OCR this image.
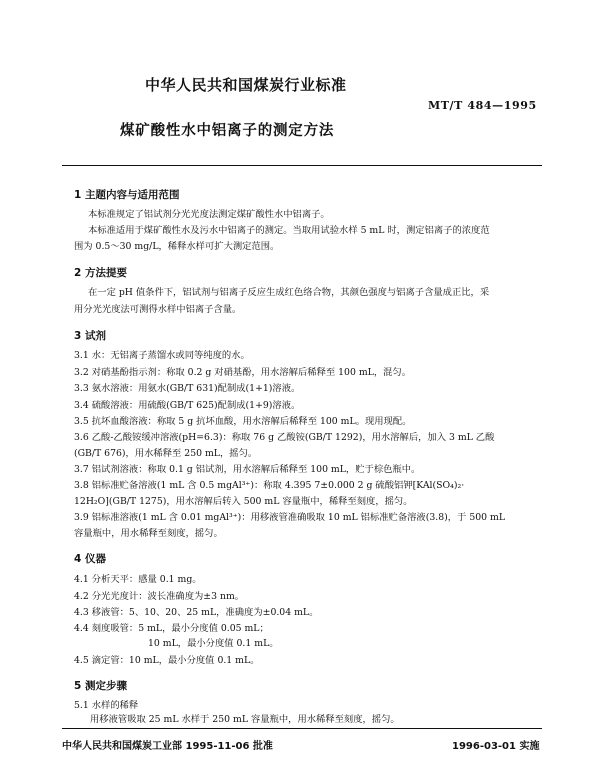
中华人民共和国煤炭行业标准
MT/T 484—1995
煤矿酸性水中铝离子的测定方法
1 主题内容与适用范围
本标准规定了铝试剂分光光度法测定煤矿酸性水中铝离子。
本标准适用于煤矿酸性水及污水中铝离子的测定。当取用试验水样 5 mL 时，测定铝离子的浓度范
围为 0.5～30 mg/L，稀释水样可扩大测定范围。
2 方法提要
在一定 pH 值条件下，铝试剂与铝离子反应生成红色络合物，其颜色强度与铝离子含量成正比，采
用分光光度法可测得水样中铝离子含量。
3 试剂
3.1 水：无铝离子蒸馏水或同等纯度的水。
3.2 对硝基酚指示剂：称取 0.2 g 对硝基酚，用水溶解后稀释至 100 mL，混匀。
3.3 氨水溶液：用氨水(GB/T 631)配制成(1+1)溶液。
3.4 硫酸溶液：用硫酸(GB/T 625)配制成(1+9)溶液。
3.5 抗坏血酸溶液：称取 5 g 抗坏血酸，用水溶解后稀释至 100 mL。现用现配。
3.6 乙酸-乙酸铵缓冲溶液(pH=6.3)：称取 76 g 乙酸铵(GB/T 1292)，用水溶解后，加入 3 mL 乙酸
(GB/T 676)，用水稀释至 250 mL，摇匀。
3.7 铝试剂溶液：称取 0.1 g 铝试剂，用水溶解后稀释至 100 mL，贮于棕色瓶中。
3.8 铝标准贮备溶液(1 mL 含 0.5 mgAl³⁺)：称取 4.395 7±0.000 2 g 硫酸铝钾[KAl(SO₄)₂·
12H₂O](GB/T 1275)，用水溶解后转入 500 mL 容量瓶中，稀释至刻度，摇匀。
3.9 铝标准溶液(1 mL 含 0.01 mgAl³⁺)：用移液管准确吸取 10 mL 铝标准贮备溶液(3.8)，于 500 mL
容量瓶中，用水稀释至刻度，摇匀。
4 仪器
4.1 分析天平：感量 0.1 mg。
4.2 分光光度计：波长准确度为±3 nm。
4.3 移液管：5、10、20、25 mL，准确度为±0.04 mL。
4.4 刻度吸管：5 mL，最小分度值 0.05 mL；
10 mL，最小分度值 0.1 mL。
4.5 滴定管：10 mL，最小分度值 0.1 mL。
5 测定步骤
5.1 水样的稀释
用移液管吸取 25 mL 水样于 250 mL 容量瓶中，用水稀释至刻度，摇匀。
中华人民共和国煤炭工业部 1995-11-06 批准	1996-03-01 实施
